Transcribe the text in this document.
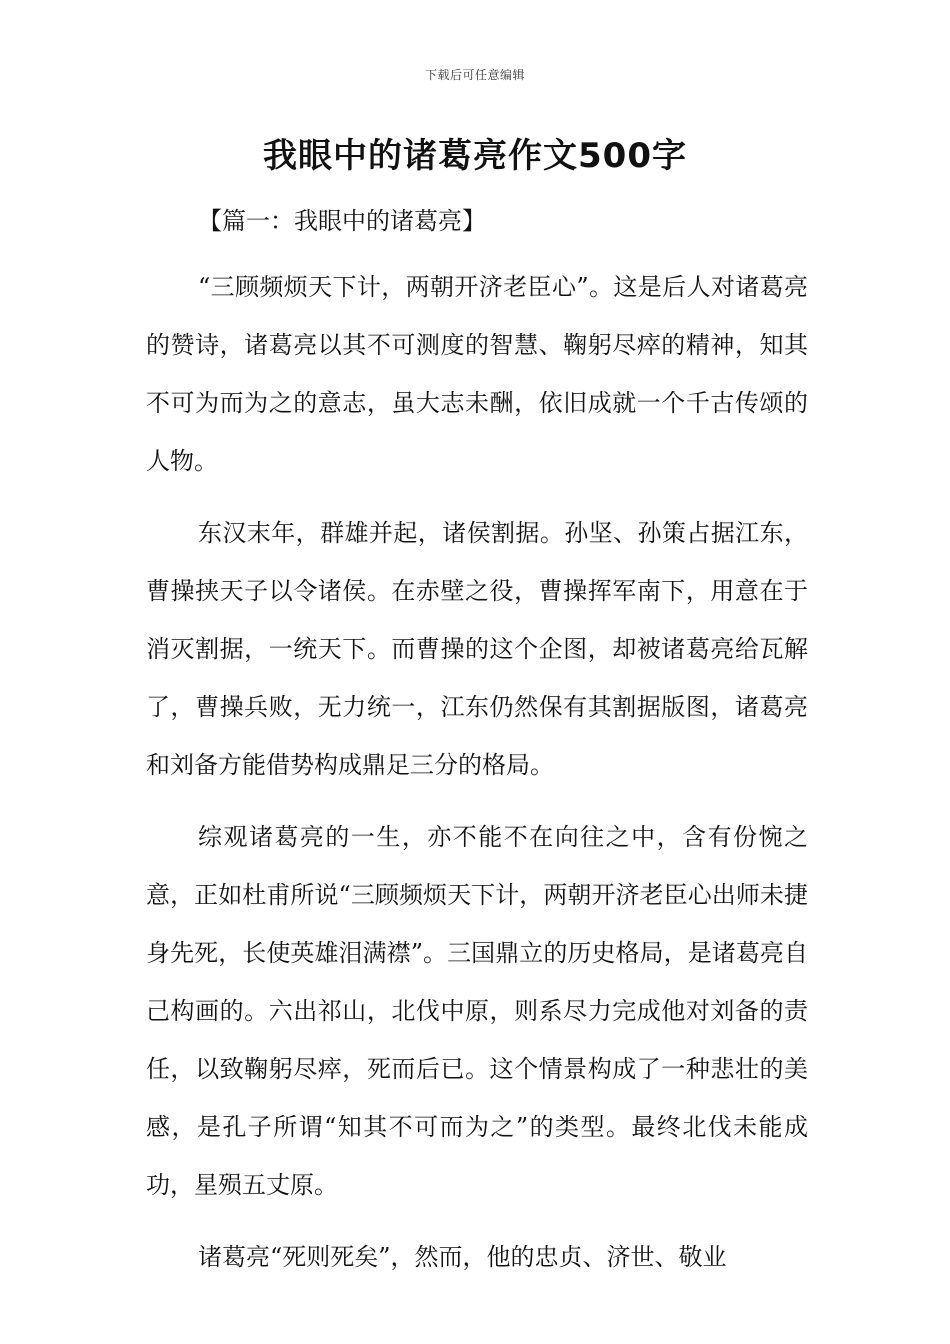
下载后可任意编辑
我眼中的诸葛亮作文500字
【篇一：我眼中的诸葛亮】

“三顾频烦天下计，两朝开济老臣心”。这是后人对诸葛亮的赞诗，诸葛亮以其不可测度的智慧、鞠躬尽瘁的精神，知其不可为而为之的意志，虽大志未酬，依旧成就一个千古传颂的人物。

东汉末年，群雄并起，诸侯割据。孙坚、孙策占据江东，曹操挟天子以令诸侯。在赤壁之役，曹操挥军南下，用意在于消灭割据，一统天下。而曹操的这个企图，却被诸葛亮给瓦解了，曹操兵败，无力统一，江东仍然保有其割据版图，诸葛亮和刘备方能借势构成鼎足三分的格局。

综观诸葛亮的一生，亦不能不在向往之中，含有份惋之意，正如杜甫所说“三顾频烦天下计，两朝开济老臣心出师未捷身先死，长使英雄泪满襟”。三国鼎立的历史格局，是诸葛亮自己构画的。六出祁山，北伐中原，则系尽力完成他对刘备的责任，以致鞠躬尽瘁，死而后已。这个情景构成了一种悲壮的美感，是孔子所谓“知其不可而为之”的类型。最终北伐未能成功，星殒五丈原。

诸葛亮“死则死矣”，然而，他的忠贞、济世、敬业
